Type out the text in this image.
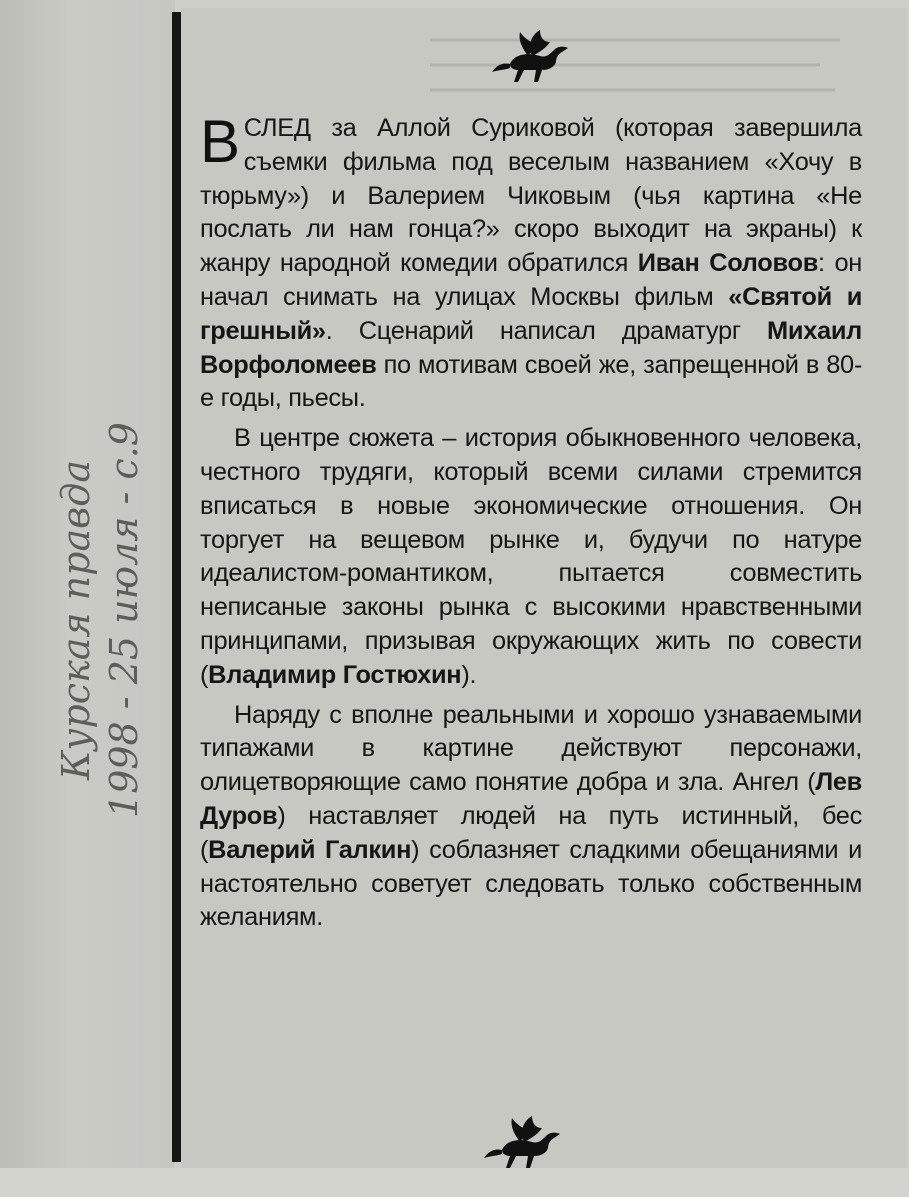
Курская правда 1998 - 25 июля - с.9

ВСЛЕД за Аллой Суриковой (которая завершила съемки фильма под веселым названием «Хочу в тюрьму») и Валерием Чиковым (чья картина «Не послать ли нам гонца?» скоро выходит на экраны) к жанру народной комедии обратился Иван Соловов: он начал снимать на улицах Москвы фильм «Святой и грешный». Сценарий написал драматург Михаил Ворфоломеев по мотивам своей же, запрещенной в 80-е годы, пьесы.

В центре сюжета – история обыкновенного человека, честного трудяги, который всеми силами стремится вписаться в новые экономические отношения. Он торгует на вещевом рынке и, будучи по натуре идеалистом-романтиком, пытается совместить неписаные законы рынка с высокими нравственными принципами, призывая окружающих жить по совести (Владимир Гостюхин).

Наряду с вполне реальными и хорошо узнаваемыми типажами в картине действуют персонажи, олицетворяющие само понятие добра и зла. Ангел (Лев Дуров) наставляет людей на путь истинный, бес (Валерий Галкин) соблазняет сладкими обещаниями и настоятельно советует следовать только собственным желаниям.
